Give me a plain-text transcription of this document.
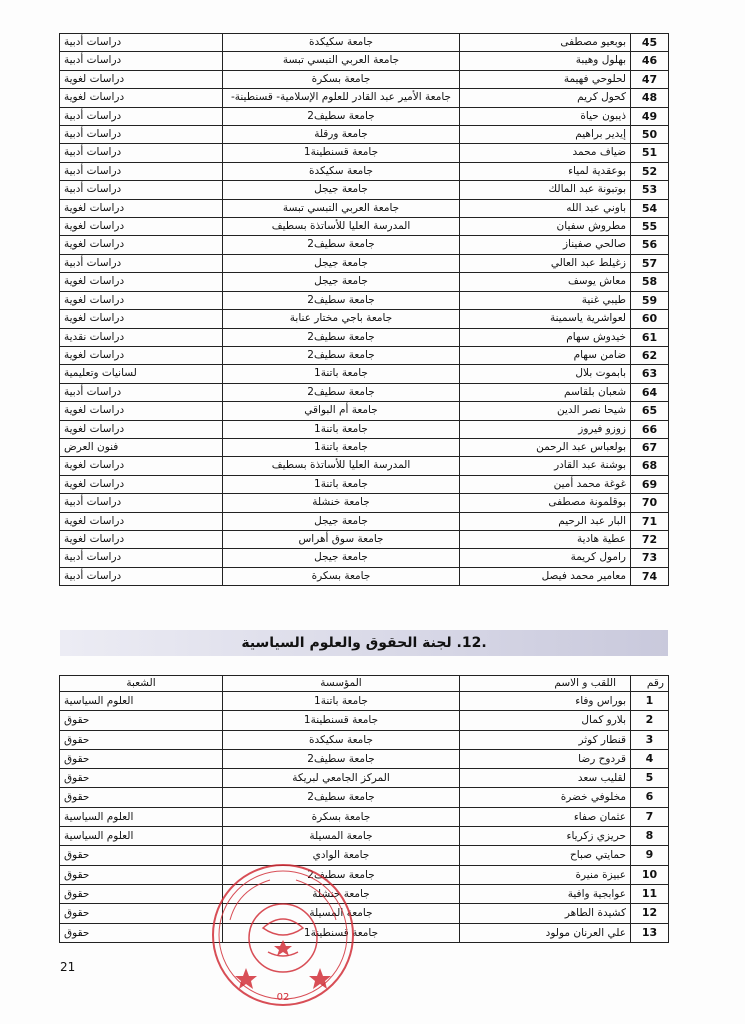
45	بوبعيو مصطفى	جامعة سكيكدة	دراسات أدبية
46	بهلول وهيبة	جامعة العربي التبسي تبسة	دراسات أدبية
47	لحلوحي فهيمة	جامعة بسكرة	دراسات لغوية
48	كحول كريم	جامعة الأمير عبد القادر للعلوم الإسلامية- قسنطينة-	دراسات لغوية
49	ذيبون حياة	جامعة سطيف2	دراسات أدبية
50	إيدير براهيم	جامعة ورقلة	دراسات أدبية
51	ضياف محمد	جامعة قسنطينة1	دراسات أدبية
52	بوعقدية لمياء	جامعة سكيكدة	دراسات أدبية
53	بوتبونة عبد المالك	جامعة جيجل	دراسات أدبية
54	باوني عبد الله	جامعة العربي التبسي تبسة	دراسات لغوية
55	مطروش سفيان	المدرسة العليا للأساتذة بسطيف	دراسات لغوية
56	صالحي صفيناز	جامعة سطيف2	دراسات لغوية
57	زغيلط عبد العالي	جامعة جيجل	دراسات أدبية
58	معاش يوسف	جامعة جيجل	دراسات لغوية
59	طيبي غنية	جامعة سطيف2	دراسات لغوية
60	لعواشرية ياسمينة	جامعة باجي مختار عنابة	دراسات لغوية
61	خيدوش سهام	جامعة سطيف2	دراسات نقدية
62	ضامن سهام	جامعة سطيف2	دراسات لغوية
63	بابموت بلال	جامعة باتنة1	لسانيات وتعليمية
64	شعبان بلقاسم	جامعة سطيف2	دراسات أدبية
65	شيحا نصر الدين	جامعة أم البواقي	دراسات لغوية
66	زوزو فيروز	جامعة باتنة1	دراسات لغوية
67	بولعباس عبد الرحمن	جامعة باتنة1	فنون العرض
68	بوشنة عبد القادر	المدرسة العليا للأساتذة بسطيف	دراسات لغوية
69	غوغة محمد أمين	جامعة باتنة1	دراسات لغوية
70	بوقلمونة مصطفى	جامعة خنشلة	دراسات أدبية
71	البار عبد الرحيم	جامعة جيجل	دراسات لغوية
72	عطية هادية	جامعة سوق أهراس	دراسات لغوية
73	رامول كريمة	جامعة جيجل	دراسات أدبية
74	معامير محمد فيصل	جامعة بسكرة	دراسات أدبية
.12. لجنة الحقوق والعلوم السياسية
رقم	اللقب و الاسم	المؤسسة	الشعبة
1	بوراس وفاء	جامعة باتنة1	العلوم السياسية
2	بلارو كمال	جامعة قسنطينة1	حقوق
3	قنطار كوثر	جامعة سكيكدة	حقوق
4	قردوح رضا	جامعة سطيف2	حقوق
5	لقليب سعد	المركز الجامعي لبريكة	حقوق
6	مخلوفي خضرة	جامعة سطيف2	حقوق
7	عثمان صفاء	جامعة بسكرة	العلوم السياسية
8	حريزي زكرياء	جامعة المسيلة	العلوم السياسية
9	حمايتي صباح	جامعة الوادي	حقوق
10	عبيزة منيرة	جامعة سطيف2	حقوق
11	عوابجية وافية	جامعة خنشلة	حقوق
12	كشيدة الطاهر	جامعة المسيلة	حقوق
13	علي العرنان مولود	جامعة قسنطينة1	حقوق
21
02
